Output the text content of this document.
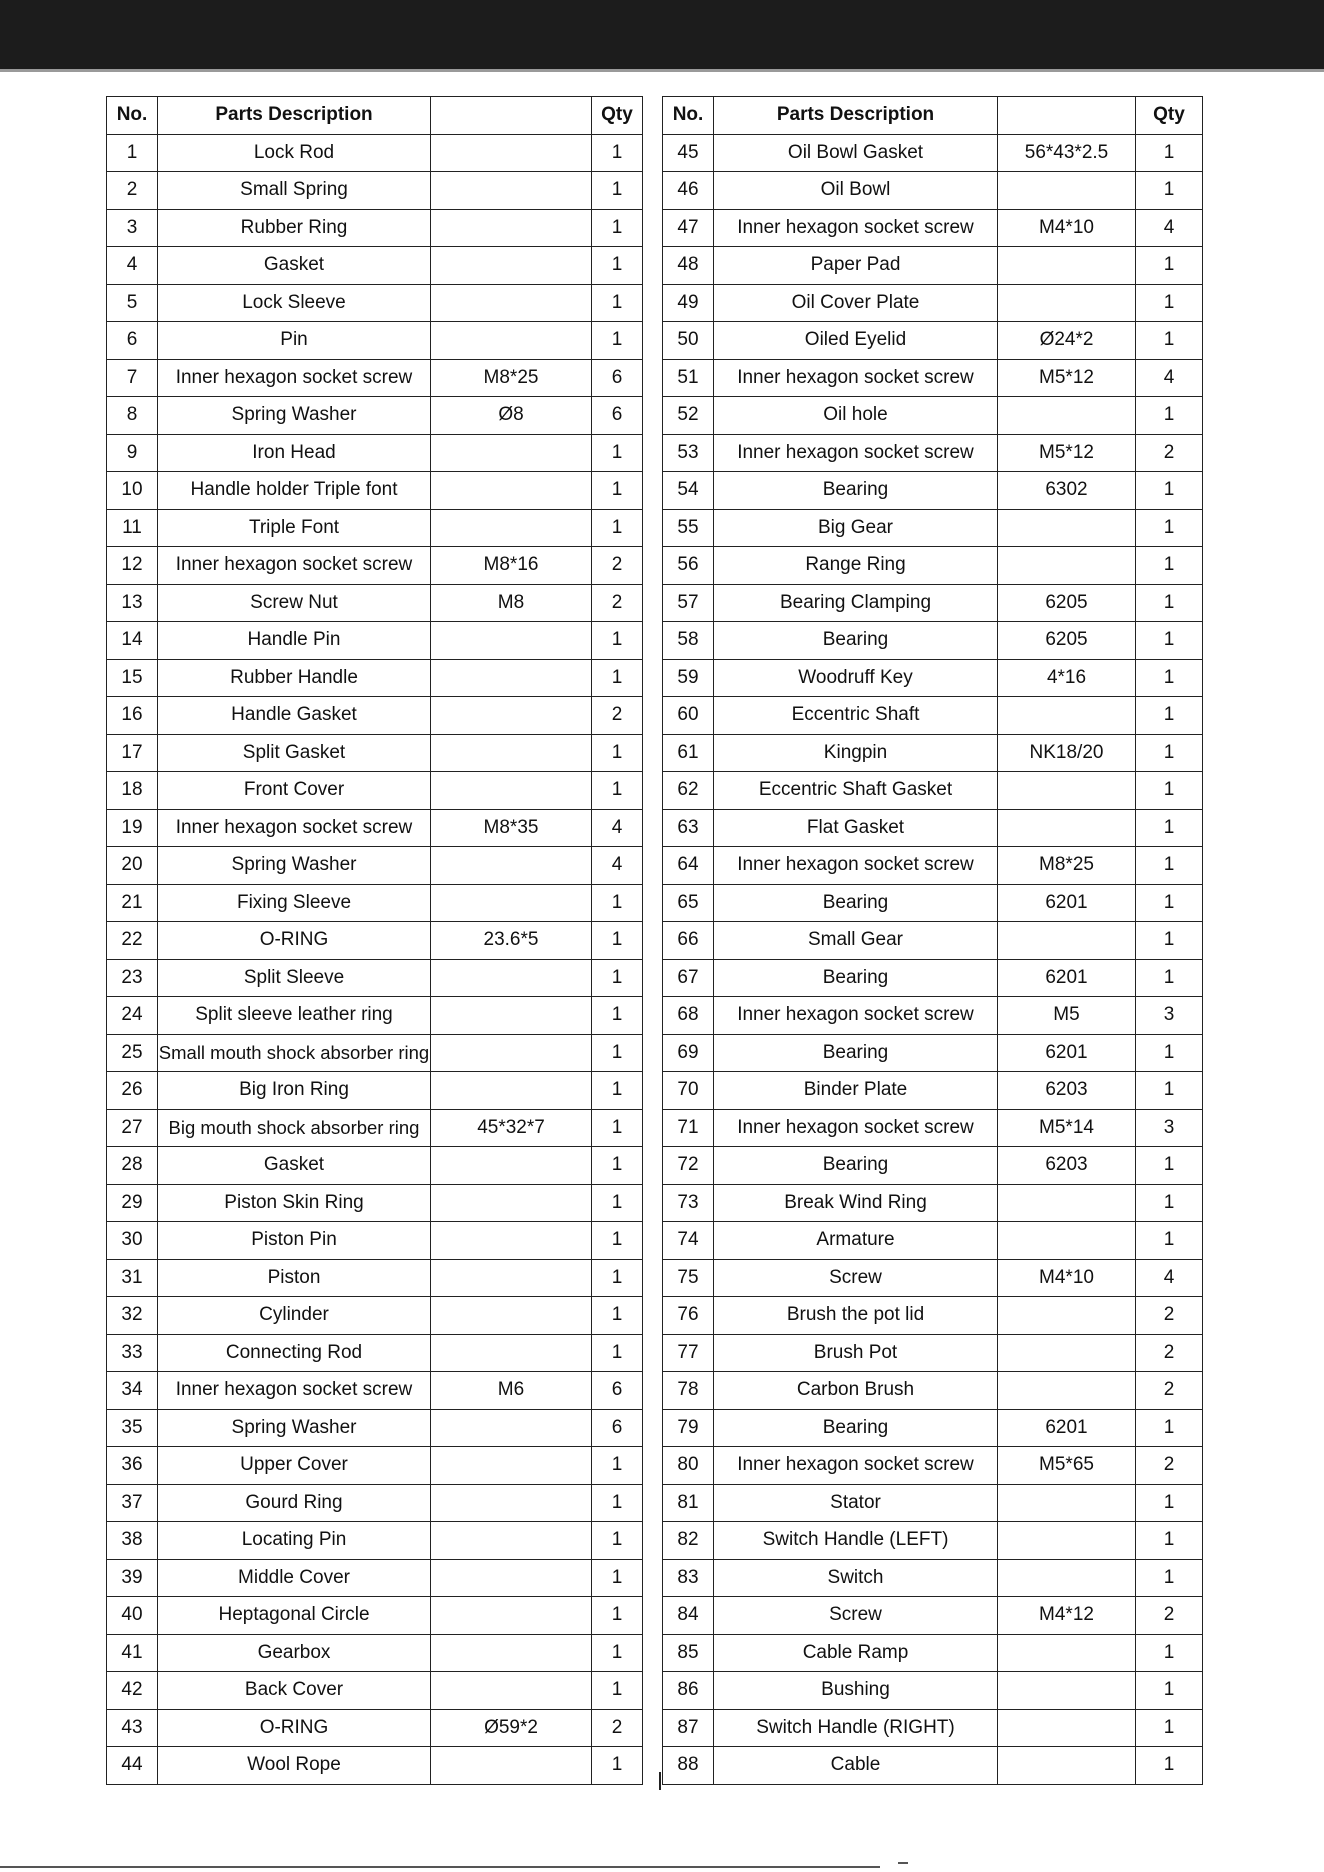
No.	Parts Description		Qty
1	Lock Rod		1
2	Small Spring		1
3	Rubber Ring		1
4	Gasket		1
5	Lock Sleeve		1
6	Pin		1
7	Inner hexagon socket screw	M8*25	6
8	Spring Washer	Ø8	6
9	Iron Head		1
10	Handle holder Triple font		1
11	Triple Font		1
12	Inner hexagon socket screw	M8*16	2
13	Screw Nut	M8	2
14	Handle Pin		1
15	Rubber Handle		1
16	Handle Gasket		2
17	Split Gasket		1
18	Front Cover		1
19	Inner hexagon socket screw	M8*35	4
20	Spring Washer		4
21	Fixing Sleeve		1
22	O-RING	23.6*5	1
23	Split Sleeve		1
24	Split sleeve leather ring		1
25	Small mouth shock absorber ring		1
26	Big Iron Ring		1
27	Big mouth shock absorber ring	45*32*7	1
28	Gasket		1
29	Piston Skin Ring		1
30	Piston Pin		1
31	Piston		1
32	Cylinder		1
33	Connecting Rod		1
34	Inner hexagon socket screw	M6	6
35	Spring Washer		6
36	Upper Cover		1
37	Gourd Ring		1
38	Locating Pin		1
39	Middle Cover		1
40	Heptagonal Circle		1
41	Gearbox		1
42	Back Cover		1
43	O-RING	Ø59*2	2
44	Wool Rope		1
No.	Parts Description		Qty
45	Oil Bowl Gasket	56*43*2.5	1
46	Oil Bowl		1
47	Inner hexagon socket screw	M4*10	4
48	Paper Pad		1
49	Oil Cover Plate		1
50	Oiled Eyelid	Ø24*2	1
51	Inner hexagon socket screw	M5*12	4
52	Oil hole		1
53	Inner hexagon socket screw	M5*12	2
54	Bearing	6302	1
55	Big Gear		1
56	Range Ring		1
57	Bearing Clamping	6205	1
58	Bearing	6205	1
59	Woodruff Key	4*16	1
60	Eccentric Shaft		1
61	Kingpin	NK18/20	1
62	Eccentric Shaft Gasket		1
63	Flat Gasket		1
64	Inner hexagon socket screw	M8*25	1
65	Bearing	6201	1
66	Small Gear		1
67	Bearing	6201	1
68	Inner hexagon socket screw	M5	3
69	Bearing	6201	1
70	Binder Plate	6203	1
71	Inner hexagon socket screw	M5*14	3
72	Bearing	6203	1
73	Break Wind Ring		1
74	Armature		1
75	Screw	M4*10	4
76	Brush the pot lid		2
77	Brush Pot		2
78	Carbon Brush		2
79	Bearing	6201	1
80	Inner hexagon socket screw	M5*65	2
81	Stator		1
82	Switch Handle (LEFT)		1
83	Switch		1
84	Screw	M4*12	2
85	Cable Ramp		1
86	Bushing		1
87	Switch Handle (RIGHT)		1
88	Cable		1
